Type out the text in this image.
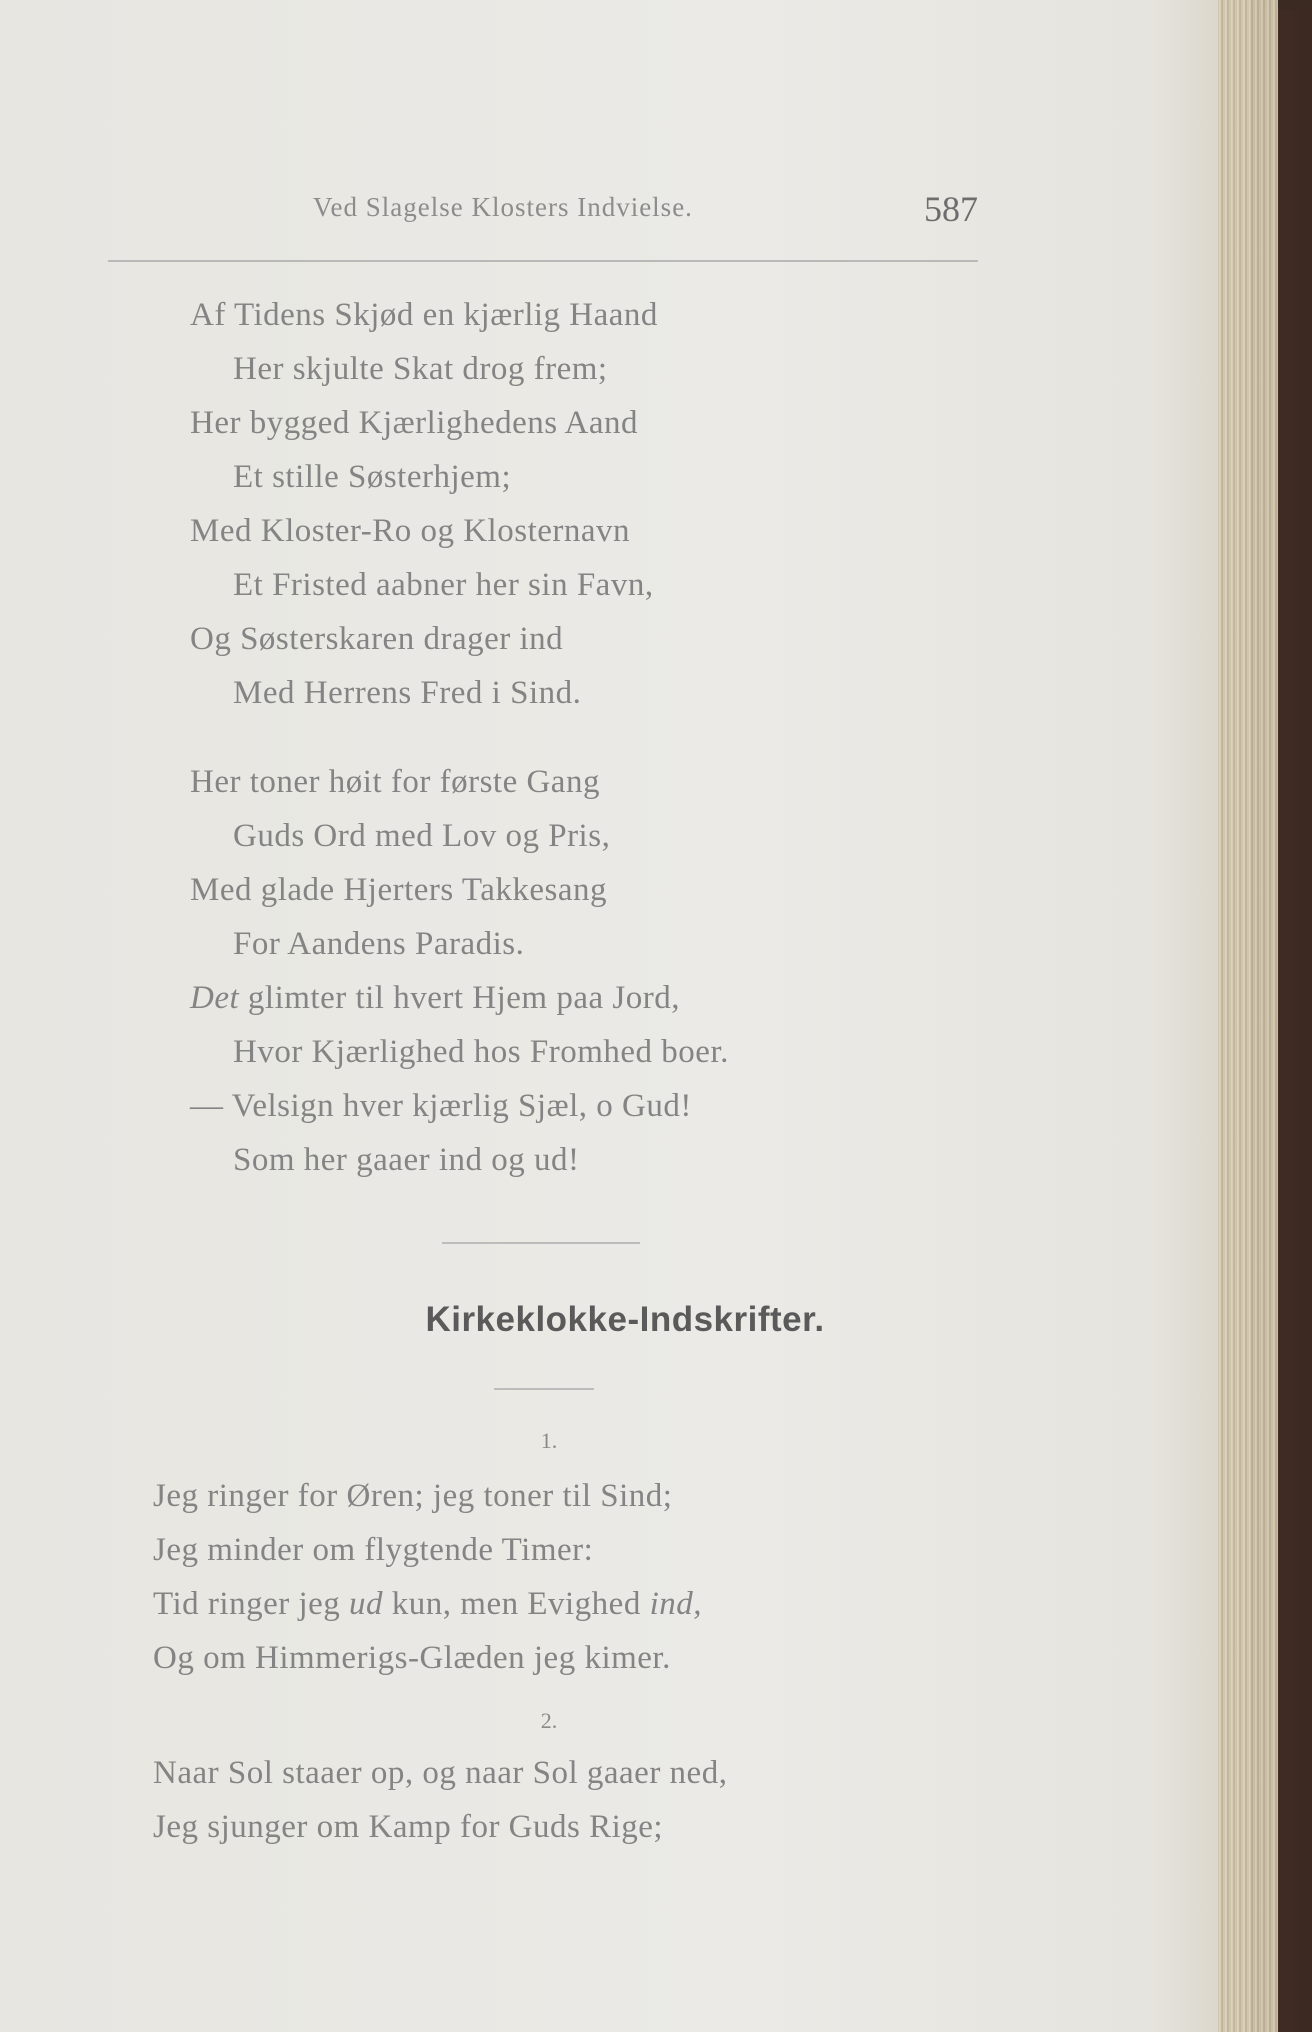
Ved Slagelse Klosters Indvielse.	587
Af Tidens Skjød en kjærlig Haand
Her skjulte Skat drog frem;
Her bygged Kjærlighedens Aand
Et stille Søsterhjem;
Med Kloster-Ro og Klosternavn
Et Fristed aabner her sin Favn,
Og Søsterskaren drager ind
Med Herrens Fred i Sind.
Her toner høit for første Gang
Guds Ord med Lov og Pris,
Med glade Hjerters Takkesang
For Aandens Paradis.
Det glimter til hvert Hjem paa Jord,
Hvor Kjærlighed hos Fromhed boer.
— Velsign hver kjærlig Sjæl, o Gud!
Som her gaaer ind og ud!
Kirkeklokke-Indskrifter.
1.
Jeg ringer for Øren; jeg toner til Sind;
Jeg minder om flygtende Timer:
Tid ringer jeg ud kun, men Evighed ind,
Og om Himmerigs-Glæden jeg kimer.
2.
Naar Sol staaer op, og naar Sol gaaer ned,
Jeg sjunger om Kamp for Guds Rige;
